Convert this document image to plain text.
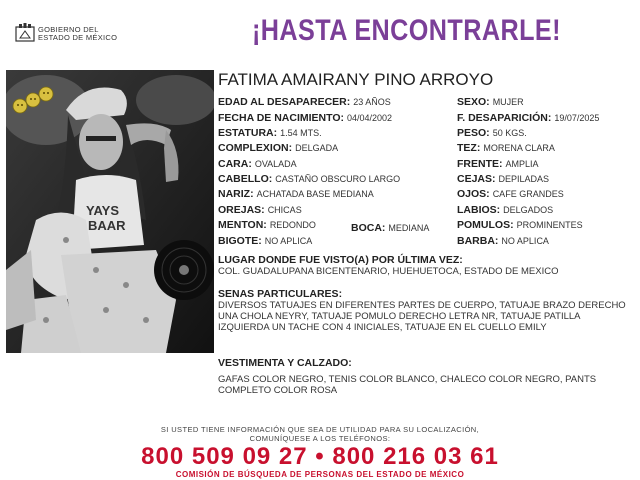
GOBIERNO DEL
ESTADO DE MÉXICO	¡HASTA ENCONTRARLE!
YAYS
BAAR
FATIMA AMAIRANY PINO ARROYO
EDAD AL DESAPARECER: 23 AÑOS
FECHA DE NACIMIENTO: 04/04/2002
ESTATURA: 1.54 MTS.
COMPLEXION: DELGADA
CARA: OVALADA
CABELLO: CASTAÑO OBSCURO LARGO
NARIZ: ACHATADA BASE MEDIANA
OREJAS: CHICAS
MENTON: REDONDO	BOCA: MEDIANA
BIGOTE: NO APLICA
SEXO: MUJER
F. DESAPARICIÓN: 19/07/2025
PESO: 50 KGS.
TEZ: MORENA CLARA
FRENTE: AMPLIA
CEJAS: DEPILADAS
OJOS: CAFE GRANDES
LABIOS: DELGADOS
POMULOS: PROMINENTES
BARBA: NO APLICA
LUGAR DONDE FUE VISTO(A) POR ÚLTIMA VEZ:
COL. GUADALUPANA BICENTENARIO, HUEHUETOCA, ESTADO DE MEXICO
SENAS PARTICULARES:
DIVERSOS TATUAJES EN DIFERENTES PARTES DE CUERPO, TATUAJE BRAZO DERECHO UNA CHOLA NEYRY, TATUAJE POMULO DERECHO LETRA NR, TATUAJE PATILLA IZQUIERDA UN TACHE CON 4 INICIALES, TATUAJE EN EL CUELLO EMILY
VESTIMENTA Y CALZADO:
GAFAS COLOR NEGRO, TENIS COLOR BLANCO, CHALECO COLOR NEGRO, PANTS COMPLETO COLOR ROSA
SI USTED TIENE INFORMACIÓN QUE SEA DE UTILIDAD PARA SU LOCALIZACIÓN,
COMUNÍQUESE A LOS TELÉFONOS:
800 509 09 27 • 800 216 03 61
COMISIÓN DE BÚSQUEDA DE PERSONAS DEL ESTADO DE MÉXICO
